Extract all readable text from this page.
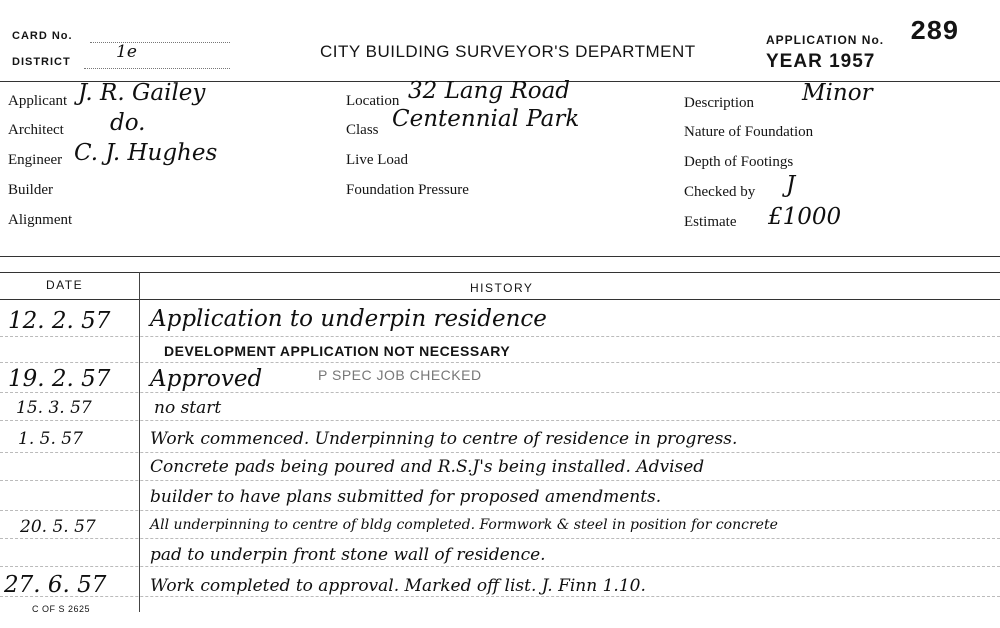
CARD No.
DISTRICT	1e	CITY BUILDING SURVEYOR'S DEPARTMENT
APPLICATION No. 289
YEAR 1957
Applicant J. R. Gailey
Architect do.
Engineer C. J. Hughes
Builder
Alignment
Location 32 Lang Road
Class Centennial Park
Live Load
Foundation Pressure
Description Minor
Nature of Foundation
Depth of Footings
Checked by J
Estimate £1000
DATE	HISTORY
12. 2. 57 Application to underpin residence
DEVELOPMENT APPLICATION NOT NECESSARY
19. 2. 57 Approved	P SPEC JOB CHECKED
15. 3. 57	no start
1. 5. 57	Work commenced. Underpinning to centre of residence in progress.
Concrete pads being poured and R.S.J's being installed. Advised
builder to have plans submitted for proposed amendments.
20. 5. 57	All underpinning to centre of bldg completed. Formwork & steel in position for concrete
pad to underpin front stone wall of residence.
27. 6. 57	Work completed to approval. Marked off list. J. Finn 1.10.
C OF S 2625
